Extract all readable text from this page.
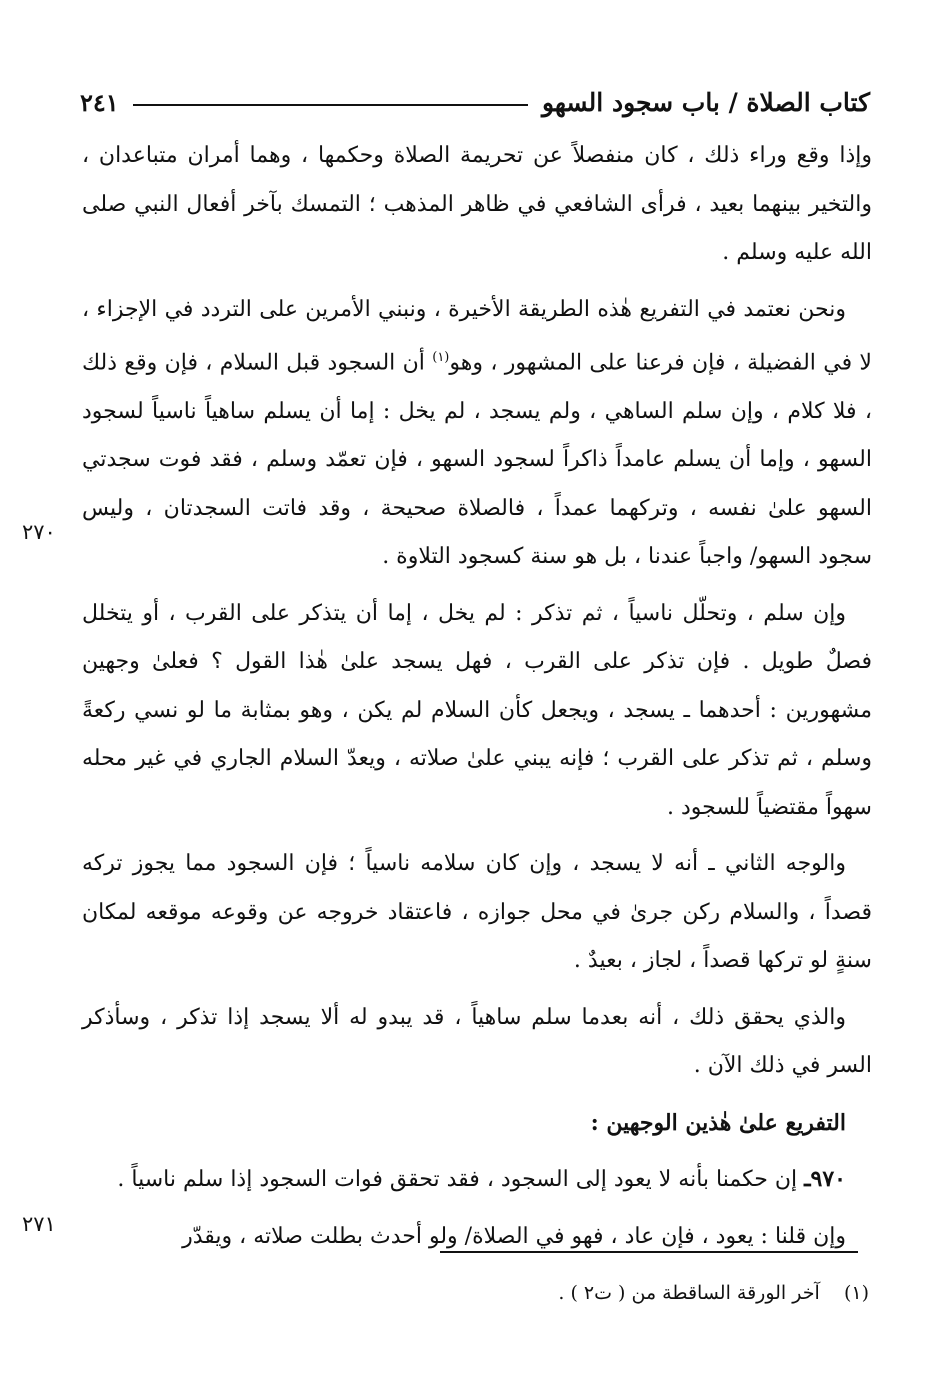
كتاب الصلاة / باب سجود السهو
٢٤١

وإذا وقع وراء ذلك ، كان منفصلاً عن تحريمة الصلاة وحكمها ، وهما أمران متباعدان ، والتخير بينهما بعيد ، فرأى الشافعي في ظاهر المذهب ؛ التمسك بآخر أفعال النبي صلى الله عليه وسلم .

ونحن نعتمد في التفريع هٰذه الطريقة الأخيرة ، ونبني الأمرين على التردد في الإجزاء ، لا في الفضيلة ، فإن فرعنا على المشهور ، وهو$^{(١)}$ أن السجود قبل السلام ، فإن وقع ذلك ، فلا كلام ، وإن سلم الساهي ، ولم يسجد ، لم يخل : إما أن يسلم ساهياً ناسياً لسجود السهو ، وإما أن يسلم عامداً ذاكراً لسجود السهو ، فإن تعمّد وسلم ، فقد فوت سجدتي السهو علىٰ نفسه ، وتركهما عمداً ، فالصلاة صحيحة ، وقد فاتت السجدتان ، وليس سجود السهو/ واجباً عندنا ، بل هو سنة كسجود التلاوة .

وإن سلم ، وتحلّل ناسياً ، ثم تذكر : لم يخل ، إما أن يتذكر على القرب ، أو يتخلل فصلٌ طويل . فإن تذكر على القرب ، فهل يسجد علىٰ هٰذا القول ؟ فعلىٰ وجهين مشهورين : أحدهما ـ يسجد ، ويجعل كأن السلام لم يكن ، وهو بمثابة ما لو نسي ركعةً وسلم ، ثم تذكر على القرب ؛ فإنه يبني علىٰ صلاته ، ويعدّ السلام الجاري في غير محله سهواً مقتضياً للسجود .

والوجه الثاني ـ أنه لا يسجد ، وإن كان سلامه ناسياً ؛ فإن السجود مما يجوز تركه قصداً ، والسلام ركن جرىٰ في محل جوازه ، فاعتقاد خروجه عن وقوعه موقعه لمكان سنةٍ لو تركها قصداً ، لجاز ، بعيدٌ .

والذي يحقق ذلك ، أنه بعدما سلم ساهياً ، قد يبدو له ألا يسجد إذا تذكر ، وسأذكر السر في ذلك الآن .

التفريع علىٰ هٰذين الوجهين :

٩٧٠ـ إن حكمنا بأنه لا يعود إلى السجود ، فقد تحقق فوات السجود إذا سلم ناسياً .

وإن قلنا : يعود ، فإن عاد ، فهو في الصلاة/ ولو أحدث بطلت صلاته ، ويقدّر

٢٧٠
٢٧١
(١)    آخر الورقة الساقطة من ( ت٢ ) .
